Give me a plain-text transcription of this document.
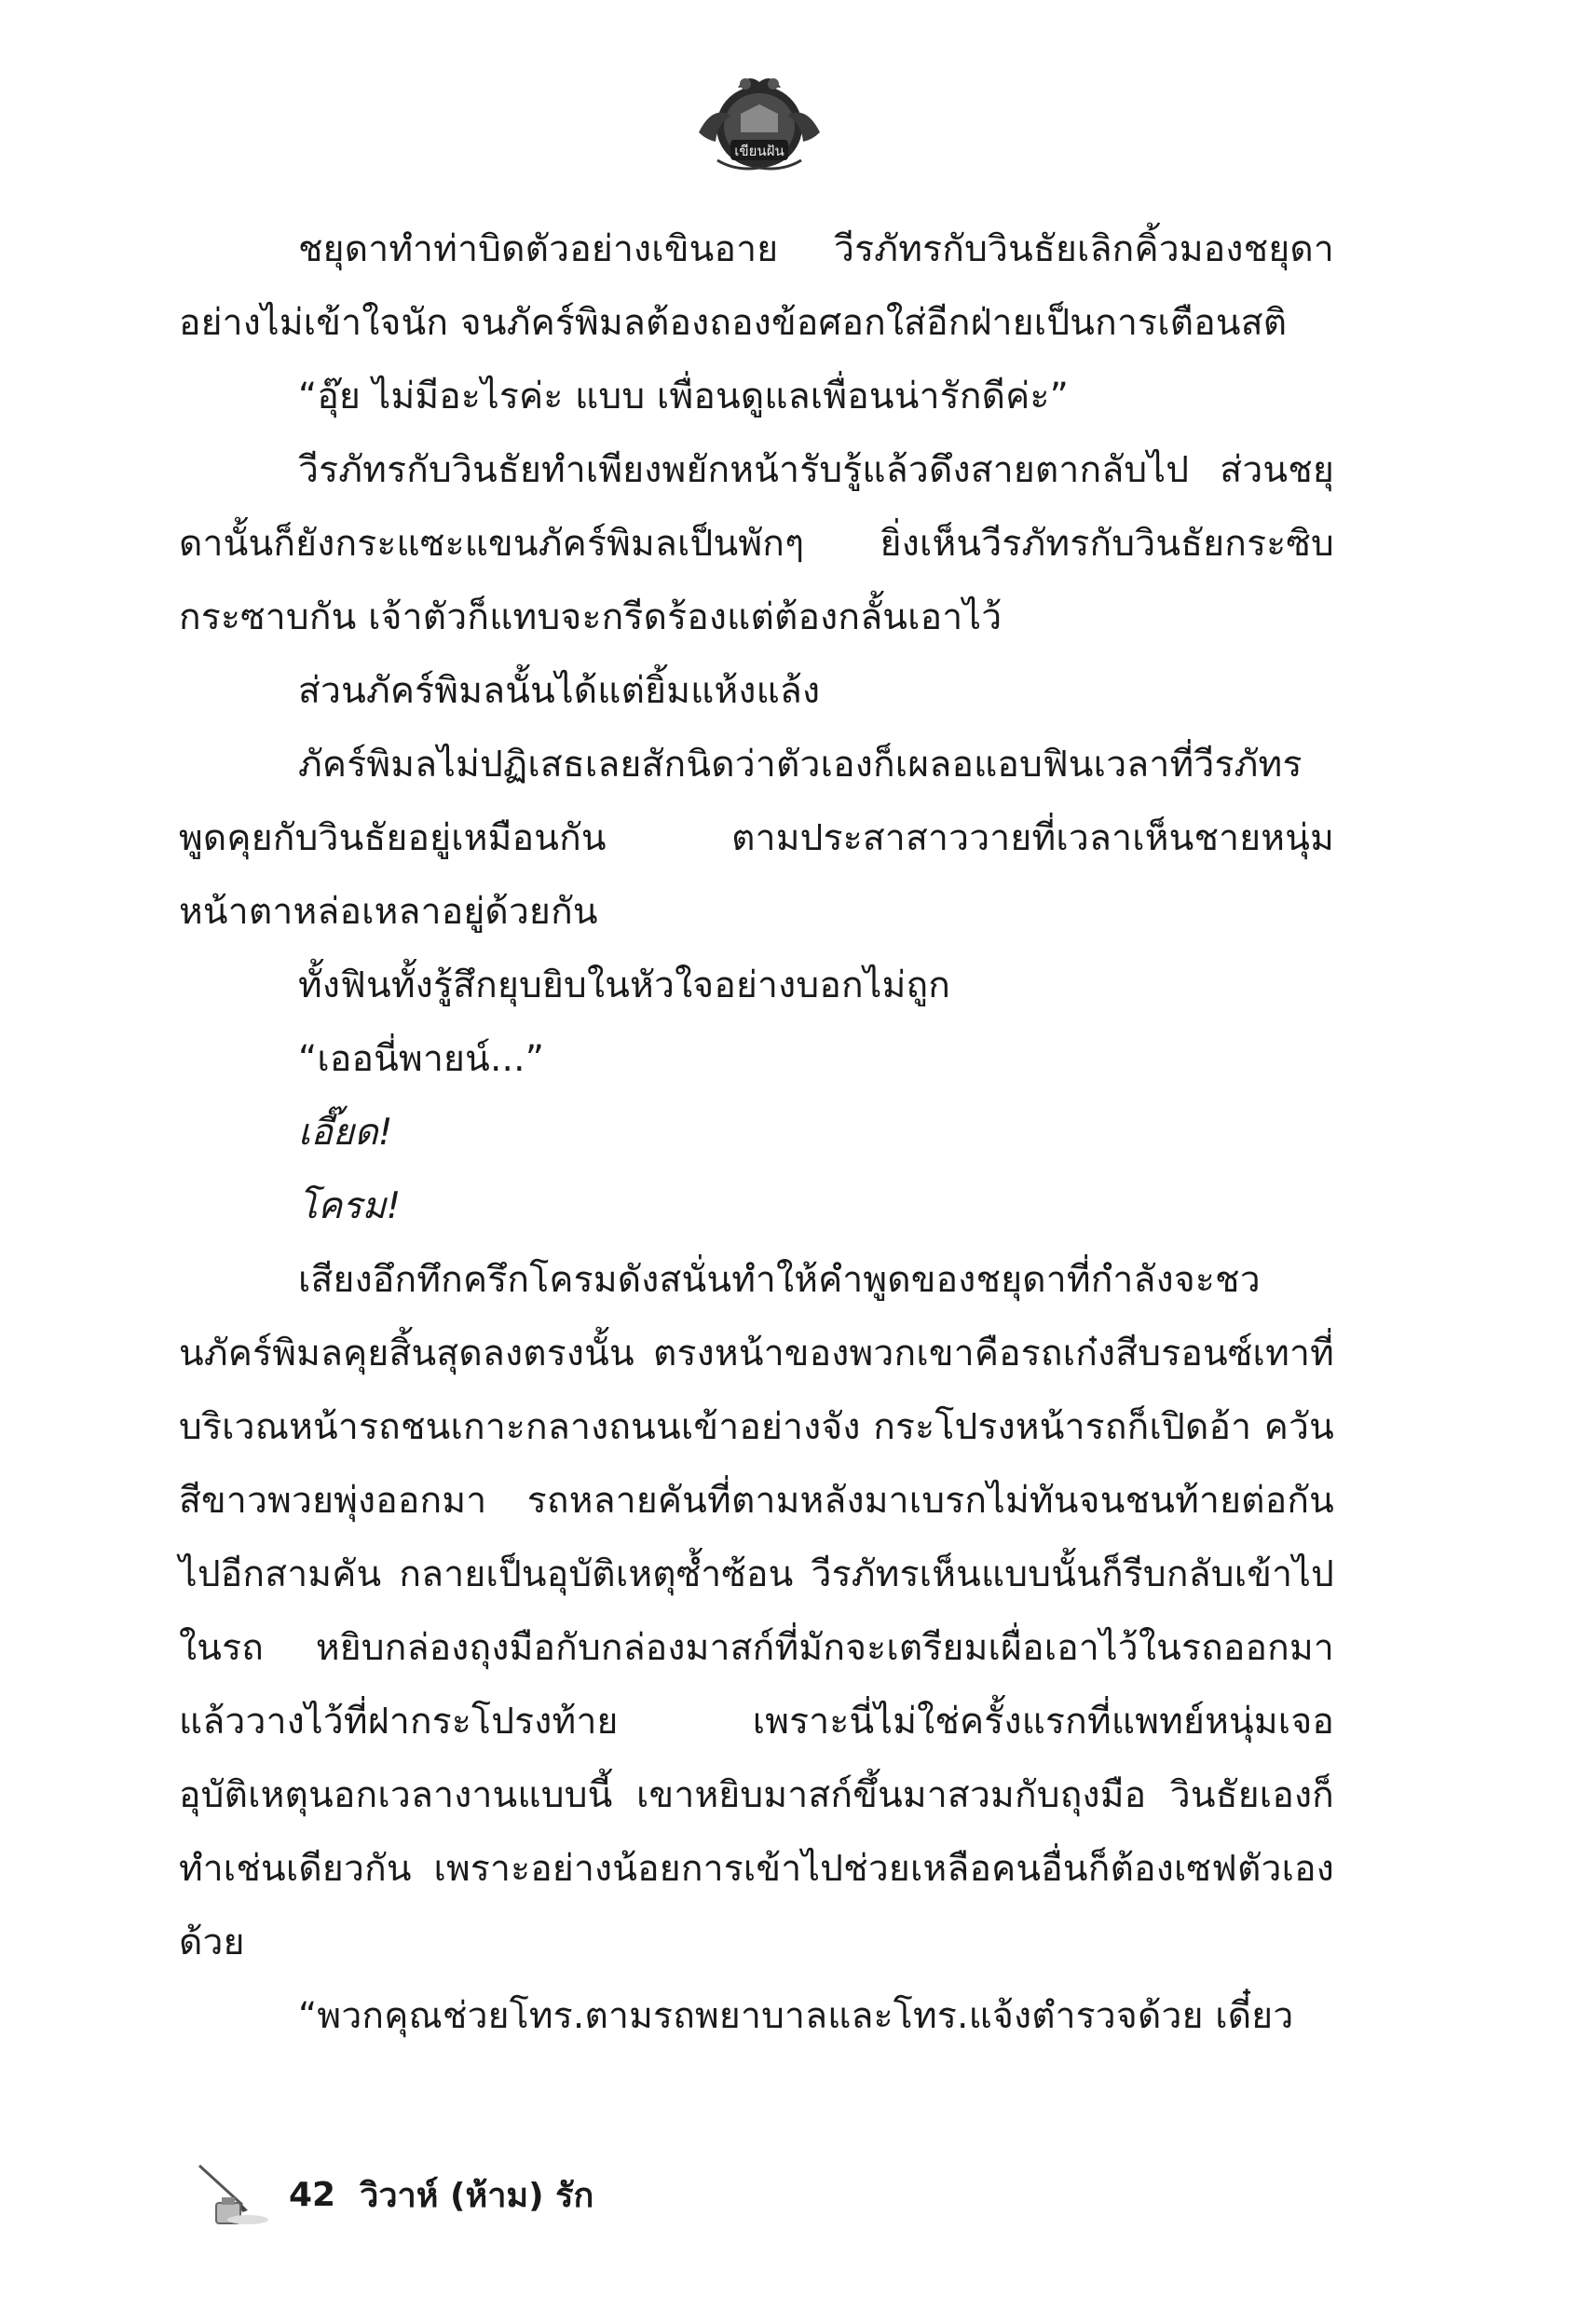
เขียนฝัน

ชยุดาทำท่าบิดตัวอย่างเขินอาย วีรภัทรกับวินธัยเลิกคิ้วมองชยุดาอย่างไม่เข้าใจนัก จนภัคร์พิมลต้องถองข้อศอกใส่อีกฝ่ายเป็นการเตือนสติ

“อุ๊ย ไม่มีอะไรค่ะ แบบ เพื่อนดูแลเพื่อนน่ารักดีค่ะ”

วีรภัทรกับวินธัยทำเพียงพยักหน้ารับรู้แล้วดึงสายตากลับไป ส่วนชยุดานั้นก็ยังกระแซะแขนภัคร์พิมลเป็นพักๆ ยิ่งเห็นวีรภัทรกับวินธัยกระซิบกระซาบกัน เจ้าตัวก็แทบจะกรีดร้องแต่ต้องกลั้นเอาไว้

ส่วนภัคร์พิมลนั้นได้แต่ยิ้มแห้งแล้ง

ภัคร์พิมลไม่ปฏิเสธเลยสักนิดว่าตัวเองก็เผลอแอบฟินเวลาที่วีรภัทรพูดคุยกับวินธัยอยู่เหมือนกัน ตามประสาสาววายที่เวลาเห็นชายหนุ่มหน้าตาหล่อเหลาอยู่ด้วยกัน

ทั้งฟินทั้งรู้สึกยุบยิบในหัวใจอย่างบอกไม่ถูก

“เออนี่พายน์...”

เอี๊ยด!

โครม!

เสียงอึกทึกครึกโครมดังสนั่นทำให้คำพูดของชยุดาที่กำลังจะชวนภัคร์พิมลคุยสิ้นสุดลงตรงนั้น ตรงหน้าของพวกเขาคือรถเก๋งสีบรอนซ์เทาที่บริเวณหน้ารถชนเกาะกลางถนนเข้าอย่างจัง กระโปรงหน้ารถก็เปิดอ้า ควันสีขาวพวยพุ่งออกมา รถหลายคันที่ตามหลังมาเบรกไม่ทันจนชนท้ายต่อกันไปอีกสามคัน กลายเป็นอุบัติเหตุซ้ำซ้อน วีรภัทรเห็นแบบนั้นก็รีบกลับเข้าไปในรถ หยิบกล่องถุงมือกับกล่องมาสก์ที่มักจะเตรียมเผื่อเอาไว้ในรถออกมาแล้ววางไว้ที่ฝากระโปรงท้าย เพราะนี่ไม่ใช่ครั้งแรกที่แพทย์หนุ่มเจออุบัติเหตุนอกเวลางานแบบนี้ เขาหยิบมาสก์ขึ้นมาสวมกับถุงมือ วินธัยเองก็ทำเช่นเดียวกัน เพราะอย่างน้อยการเข้าไปช่วยเหลือคนอื่นก็ต้องเซฟตัวเองด้วย

“พวกคุณช่วยโทร.ตามรถพยาบาลและโทร.แจ้งตำรวจด้วย เดี๋ยว

42 วิวาห์ (ห้าม) รัก
